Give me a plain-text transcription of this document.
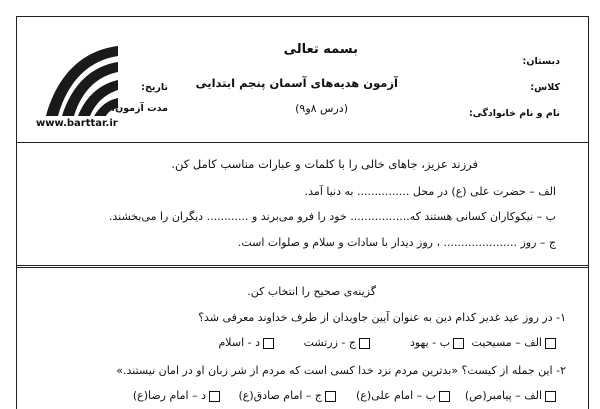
www.barttar.ir
بسمه تعالی
آزمون هدیه‌های آسمان پنجم ابتدایی
(درس ۸و۹)
دبستان:
کلاس:
نام و نام خانوادگی:
تاریخ:
مدت آزمون:
فرزند عزیز، جاهای خالی را با کلمات و عبارات مناسب کامل کن.
الف – حضرت علی (ع) در محل ............... به دنیا آمد.
ب – نیکوکاران کسانی هستند که................. خود را فرو می‌برند و ............ دیگران را می‌بخشند.
ج – روز ..................... ، روز دیدار با سادات و سلام و صلوات است.
گزینه‌ی صحیح را انتخاب کن.
۱- در روز عید غدیر کدام دین به عنوان آیین جاویدان از طرف خداوند معرفی شد؟
الف – مسیحیت
ب - یهود
ج - زرتشت
د - اسلام
۲- این جمله از کیست؟ «بدترین مردم نزد خدا کسی است که مردم از شر زبان او در امان نیستند.»
الف – پیامبر(ص)
ب – امام علی(ع)
ج – امام صادق(ع)
د – امام رضا(ع)
